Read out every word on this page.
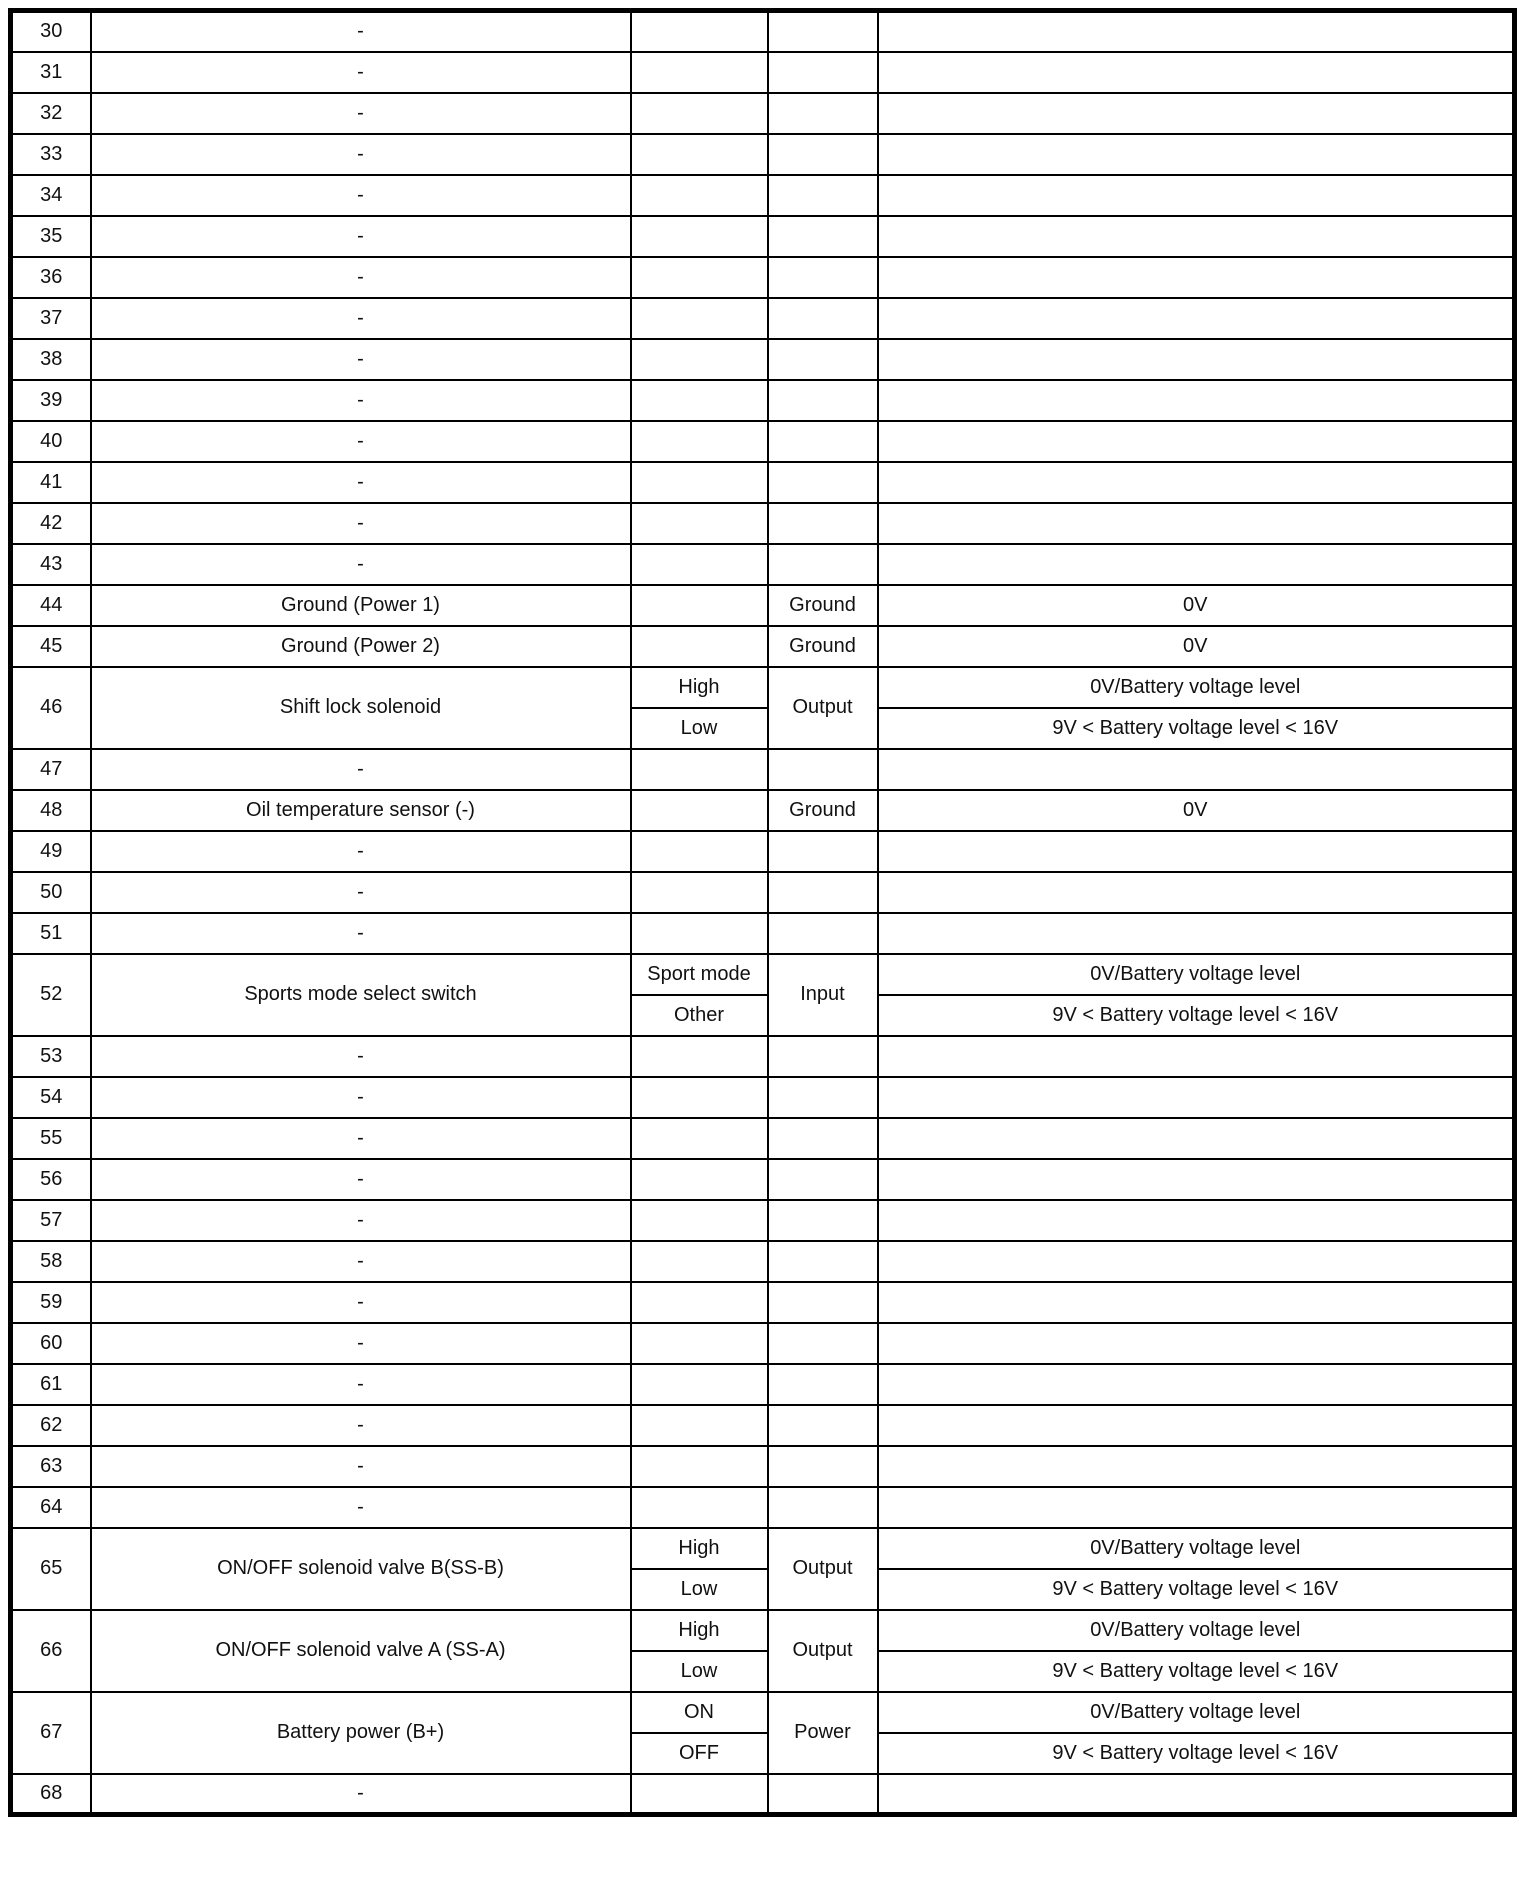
30	-			
31	-			
32	-			
33	-			
34	-			
35	-			
36	-			
37	-			
38	-			
39	-			
40	-			
41	-			
42	-			
43	-			
44	Ground (Power 1)		Ground	0V
45	Ground (Power 2)		Ground	0V
46	Shift lock solenoid	High	Output	0V/Battery voltage level
		Low		9V < Battery voltage level < 16V
47	-			
48	Oil temperature sensor (-)		Ground	0V
49	-			
50	-			
51	-			
52	Sports mode select switch	Sport mode	Input	0V/Battery voltage level
		Other		9V < Battery voltage level < 16V
53	-			
54	-			
55	-			
56	-			
57	-			
58	-			
59	-			
60	-			
61	-			
62	-			
63	-			
64	-			
65	ON/OFF solenoid valve B(SS-B)	High	Output	0V/Battery voltage level
		Low		9V < Battery voltage level < 16V
66	ON/OFF solenoid valve A (SS-A)	High	Output	0V/Battery voltage level
		Low		9V < Battery voltage level < 16V
67	Battery power (B+)	ON	Power	0V/Battery voltage level
		OFF		9V < Battery voltage level < 16V
68	-			
